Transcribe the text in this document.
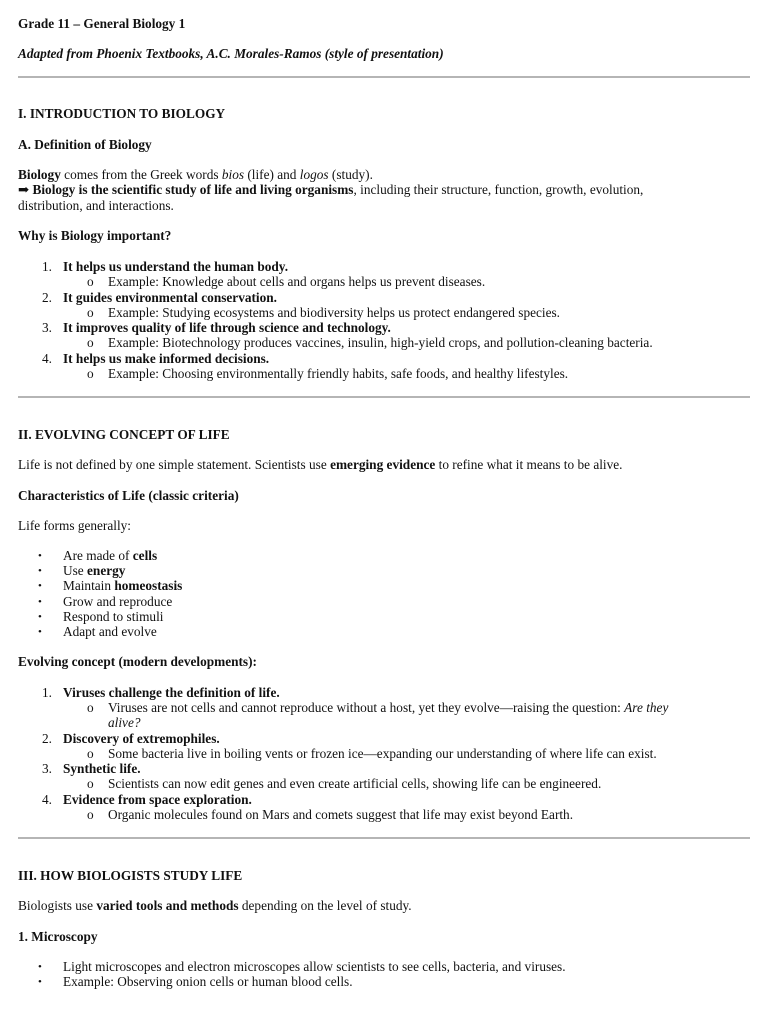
Grade 11 – General Biology 1
Adapted from Phoenix Textbooks, A.C. Morales-Ramos (style of presentation)
I. INTRODUCTION TO BIOLOGY
A. Definition of Biology
Biology comes from the Greek words bios (life) and logos (study).
➡ Biology is the scientific study of life and living organisms, including their structure, function, growth, evolution,
distribution, and interactions.
Why is Biology important?
1. It helps us understand the human body.
o Example: Knowledge about cells and organs helps us prevent diseases.
2. It guides environmental conservation.
o Example: Studying ecosystems and biodiversity helps us protect endangered species.
3. It improves quality of life through science and technology.
o Example: Biotechnology produces vaccines, insulin, high-yield crops, and pollution-cleaning bacteria.
4. It helps us make informed decisions.
o Example: Choosing environmentally friendly habits, safe foods, and healthy lifestyles.
II. EVOLVING CONCEPT OF LIFE
Life is not defined by one simple statement. Scientists use emerging evidence to refine what it means to be alive.
Characteristics of Life (classic criteria)
Life forms generally:
• Are made of cells
• Use energy
• Maintain homeostasis
• Grow and reproduce
• Respond to stimuli
• Adapt and evolve
Evolving concept (modern developments):
1. Viruses challenge the definition of life.
o Viruses are not cells and cannot reproduce without a host, yet they evolve—raising the question: Are they
alive?
2. Discovery of extremophiles.
o Some bacteria live in boiling vents or frozen ice—expanding our understanding of where life can exist.
3. Synthetic life.
o Scientists can now edit genes and even create artificial cells, showing life can be engineered.
4. Evidence from space exploration.
o Organic molecules found on Mars and comets suggest that life may exist beyond Earth.
III. HOW BIOLOGISTS STUDY LIFE
Biologists use varied tools and methods depending on the level of study.
1. Microscopy
• Light microscopes and electron microscopes allow scientists to see cells, bacteria, and viruses.
• Example: Observing onion cells or human blood cells.
